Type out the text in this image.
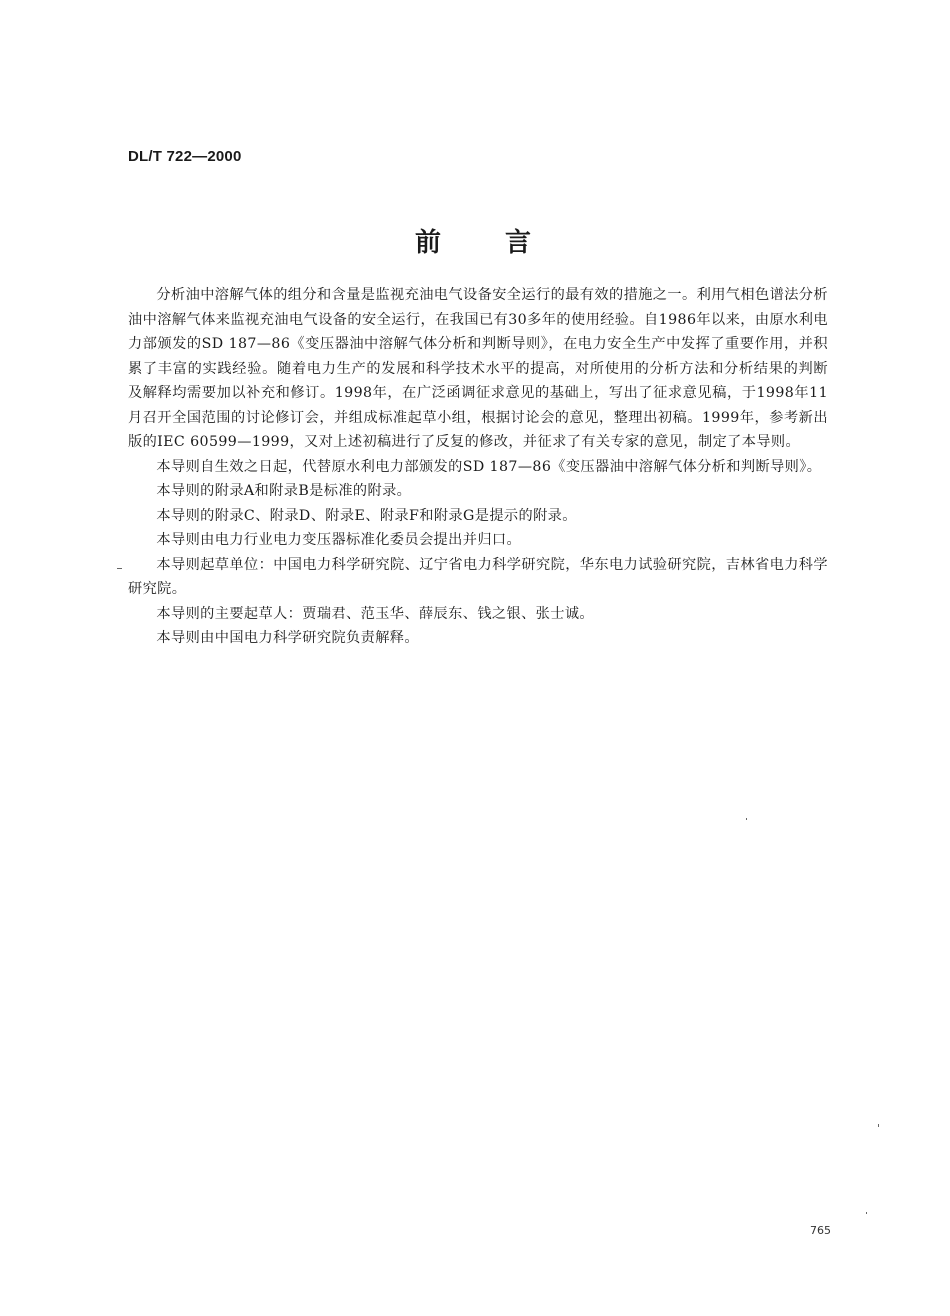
DL/T 722—2000
前 言

分析油中溶解气体的组分和含量是监视充油电气设备安全运行的最有效的措施之一。利用气相色谱法分析油中溶解气体来监视充油电气设备的安全运行，在我国已有30多年的使用经验。自1986年以来，由原水利电力部颁发的SD 187—86《变压器油中溶解气体分析和判断导则》，在电力安全生产中发挥了重要作用，并积累了丰富的实践经验。随着电力生产的发展和科学技术水平的提高，对所使用的分析方法和分析结果的判断及解释均需要加以补充和修订。1998年，在广泛函调征求意见的基础上，写出了征求意见稿，于1998年11月召开全国范围的讨论修订会，并组成标准起草小组，根据讨论会的意见，整理出初稿。1999年，参考新出版的IEC 60599—1999，又对上述初稿进行了反复的修改，并征求了有关专家的意见，制定了本导则。

本导则自生效之日起，代替原水利电力部颁发的SD 187—86《变压器油中溶解气体分析和判断导则》。

本导则的附录A和附录B是标准的附录。

本导则的附录C、附录D、附录E、附录F和附录G是提示的附录。

本导则由电力行业电力变压器标准化委员会提出并归口。

本导则起草单位：中国电力科学研究院、辽宁省电力科学研究院，华东电力试验研究院，吉林省电力科学研究院。

本导则的主要起草人：贾瑞君、范玉华、薛辰东、钱之银、张士诚。

本导则由中国电力科学研究院负责解释。

765
